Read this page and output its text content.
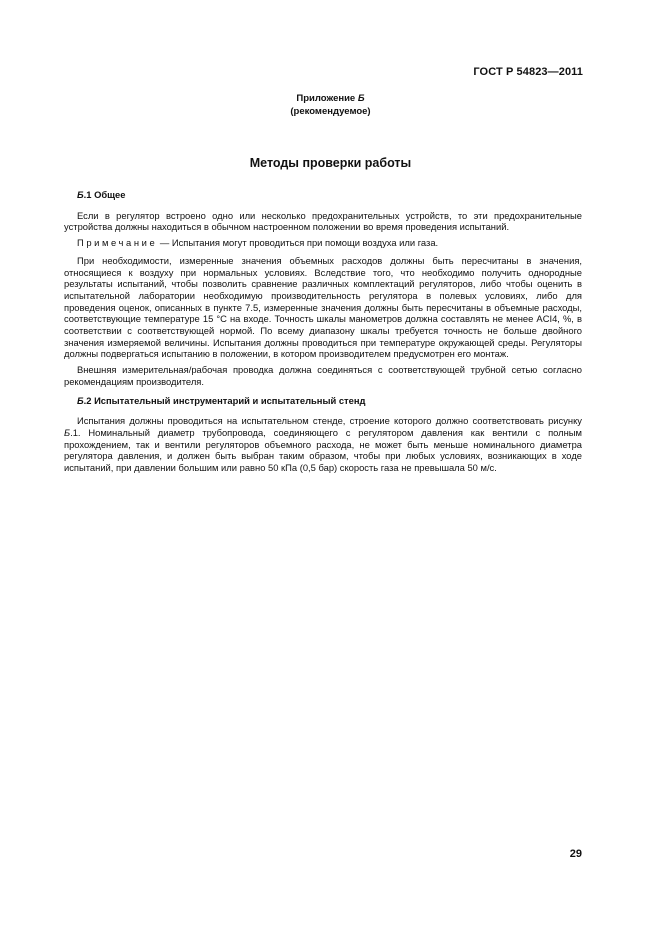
ГОСТ Р 54823—2011
Приложение Б
(рекомендуемое)
Методы проверки работы
Б.1 Общее

Если в регулятор встроено одно или несколько предохранительных устройств, то эти предохранительные устройства должны находиться в обычном настроенном положении во время проведения испытаний.

Примечание — Испытания могут проводиться при помощи воздуха или газа.

При необходимости, измеренные значения объемных расходов должны быть пересчитаны в значения, относящиеся к воздуху при нормальных условиях. Вследствие того, что необходимо получить однородные результаты испытаний, чтобы позволить сравнение различных комплектаций регуляторов, либо чтобы оценить в испытательной лаборатории необходимую производительность регулятора в полевых условиях, либо для проведения оценок, описанных в пункте 7.5, измеренные значения должны быть пересчитаны в объемные расходы, соответствующие температуре 15 °С на входе. Точность шкалы манометров должна составлять не менее ACI4, %, в соответствии с соответствующей нормой. По всему диапазону шкалы требуется точность не больше двойного значения измеряемой величины. Испытания должны проводиться при температуре окружающей среды. Регуляторы должны подвергаться испытанию в положении, в котором производителем предусмотрен его монтаж.

Внешняя измерительная/рабочая проводка должна соединяться с соответствующей трубной сетью согласно рекомендациям производителя.

Б.2 Испытательный инструментарий и испытательный стенд

Испытания должны проводиться на испытательном стенде, строение которого должно соответствовать рисунку Б.1. Номинальный диаметр трубопровода, соединяющего с регулятором давления как вентили с полным прохождением, так и вентили регуляторов объемного расхода, не может быть меньше номинального диаметра регулятора давления, и должен быть выбран таким образом, чтобы при любых условиях, возникающих в ходе испытаний, при давлении большим или равно 50 кПа (0,5 бар) скорость газа не превышала 50 м/с.

29
